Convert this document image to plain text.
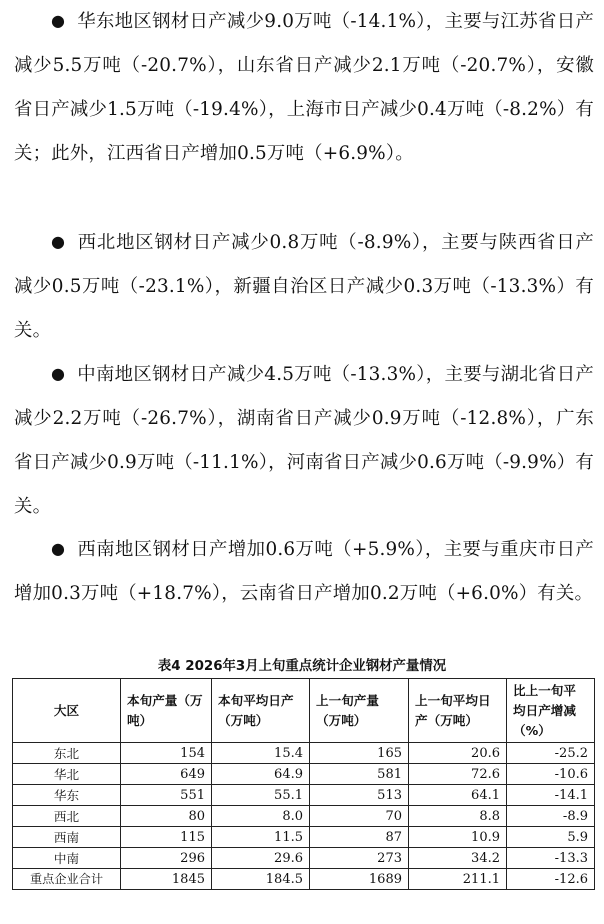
● 华东地区钢材日产减少9.0万吨（-14.1%），主要与江苏省日产减少5.5万吨（-20.7%），山东省日产减少2.1万吨（-20.7%），安徽省日产减少1.5万吨（-19.4%），上海市日产减少0.4万吨（-8.2%）有关；此外，江西省日产增加0.5万吨（+6.9%）。

● 西北地区钢材日产减少0.8万吨（-8.9%），主要与陕西省日产减少0.5万吨（-23.1%），新疆自治区日产减少0.3万吨（-13.3%）有关。

● 中南地区钢材日产减少4.5万吨（-13.3%），主要与湖北省日产减少2.2万吨（-26.7%），湖南省日产减少0.9万吨（-12.8%），广东省日产减少0.9万吨（-11.1%），河南省日产减少0.6万吨（-9.9%）有关。

● 西南地区钢材日产增加0.6万吨（+5.9%），主要与重庆市日产增加0.3万吨（+18.7%），云南省日产增加0.2万吨（+6.0%）有关。

表4 2026年3月上旬重点统计企业钢材产量情况
大区	本旬产量（万吨）	本旬平均日产（万吨）	上一旬产量（万吨）	上一旬平均日产（万吨）	比上一旬平均日产增减（%）
东北	154	15.4	165	20.6	-25.2
华北	649	64.9	581	72.6	-10.6
华东	551	55.1	513	64.1	-14.1
西北	80	8.0	70	8.8	-8.9
西南	115	11.5	87	10.9	5.9
中南	296	29.6	273	34.2	-13.3
重点企业合计	1845	184.5	1689	211.1	-12.6
